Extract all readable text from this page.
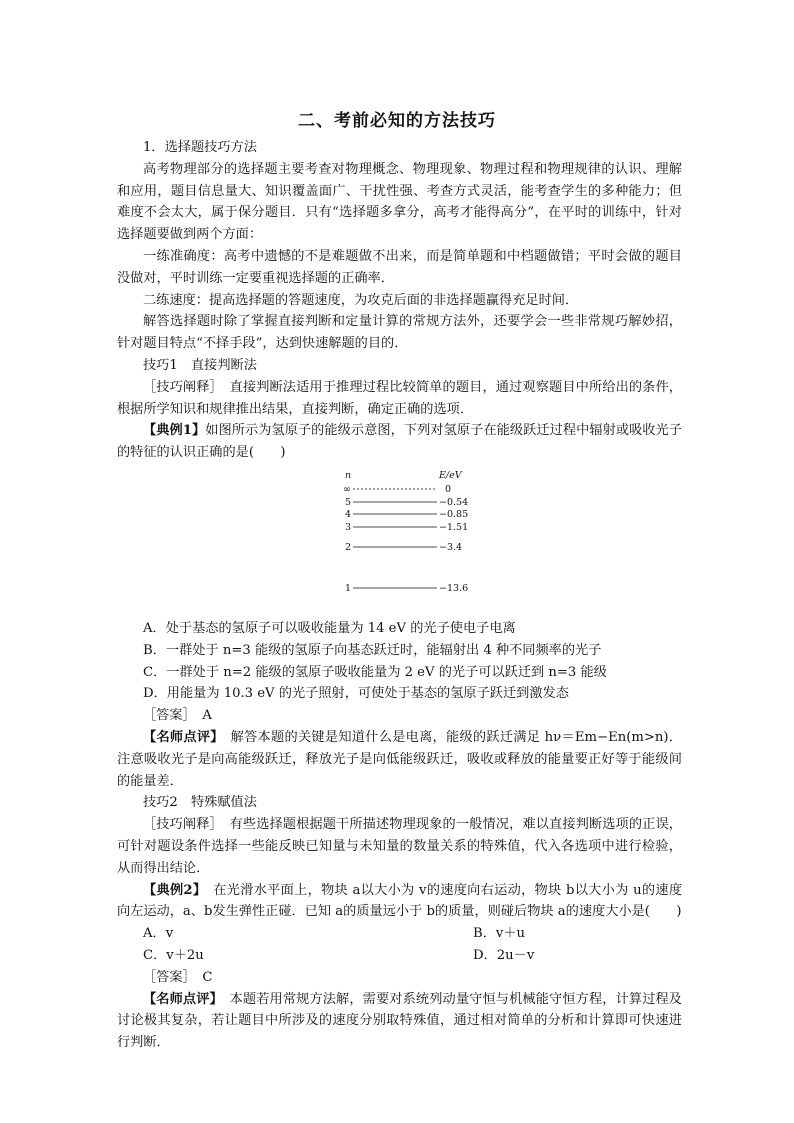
二、考前必知的方法技巧

1．选择题技巧方法

高考物理部分的选择题主要考查对物理概念、物理现象、物理过程和物理规律的认识、理解和应用，题目信息量大、知识覆盖面广、干扰性强、考查方式灵活，能考查学生的多种能力；但难度不会太大，属于保分题目．只有“选择题多拿分，高考才能得高分”，在平时的训练中，针对选择题要做到两个方面：

一练准确度：高考中遗憾的不是难题做不出来，而是简单题和中档题做错；平时会做的题目没做对，平时训练一定要重视选择题的正确率．

二练速度：提高选择题的答题速度，为攻克后面的非选择题赢得充足时间．

解答选择题时除了掌握直接判断和定量计算的常规方法外，还要学会一些非常规巧解妙招，针对题目特点“不择手段”，达到快速解题的目的．

技巧1　直接判断法

［技巧阐释］　直接判断法适用于推理过程比较简单的题目，通过观察题目中所给出的条件，根据所学知识和规律推出结果，直接判断，确定正确的选项．

【典例1】如图所示为氢原子的能级示意图，下列对氢原子在能级跃迁过程中辐射或吸收光子的特征的认识正确的是(　　)

n	E/eV
∞	0
5	−0.54
4	−0.85
3	−1.51
2	−3.4
1	−13.6

A．处于基态的氢原子可以吸收能量为 14 eV 的光子使电子电离

B．一群处于 n=3 能级的氢原子向基态跃迁时，能辐射出 4 种不同频率的光子

C．一群处于 n=2 能级的氢原子吸收能量为 2 eV 的光子可以跃迁到 n=3 能级

D．用能量为 10.3 eV 的光子照射，可使处于基态的氢原子跃迁到激发态

［答案］　A

【名师点评】　 解答本题的关键是知道什么是电离，能级的跃迁满足 hν＝Em−En(m>n)．注意吸收光子是向高能级跃迁，释放光子是向低能级跃迁，吸收或释放的能量要正好等于能级间的能量差．

技巧2　特殊赋值法

［技巧阐释］　有些选择题根据题干所描述物理现象的一般情况，难以直接判断选项的正误，可针对题设条件选择一些能反映已知量与未知量的数量关系的特殊值，代入各选项中进行检验，从而得出结论．

【典例2】　 在光滑水平面上，物块 a以大小为 v的速度向右运动，物块 b以大小为 u的速度向左运动，a、b发生弹性正碰．已知 a的质量远小于 b的质量，则碰后物块 a的速度大小是(　　)

A．v	B．v＋u
C．v＋2u	D．2u－v

［答案］　C

【名师点评】　 本题若用常规方法解，需要对系统列动量守恒与机械能守恒方程，计算过程及讨论极其复杂，若让题目中所涉及的速度分别取特殊值，通过相对简单的分析和计算即可快速进行判断．
